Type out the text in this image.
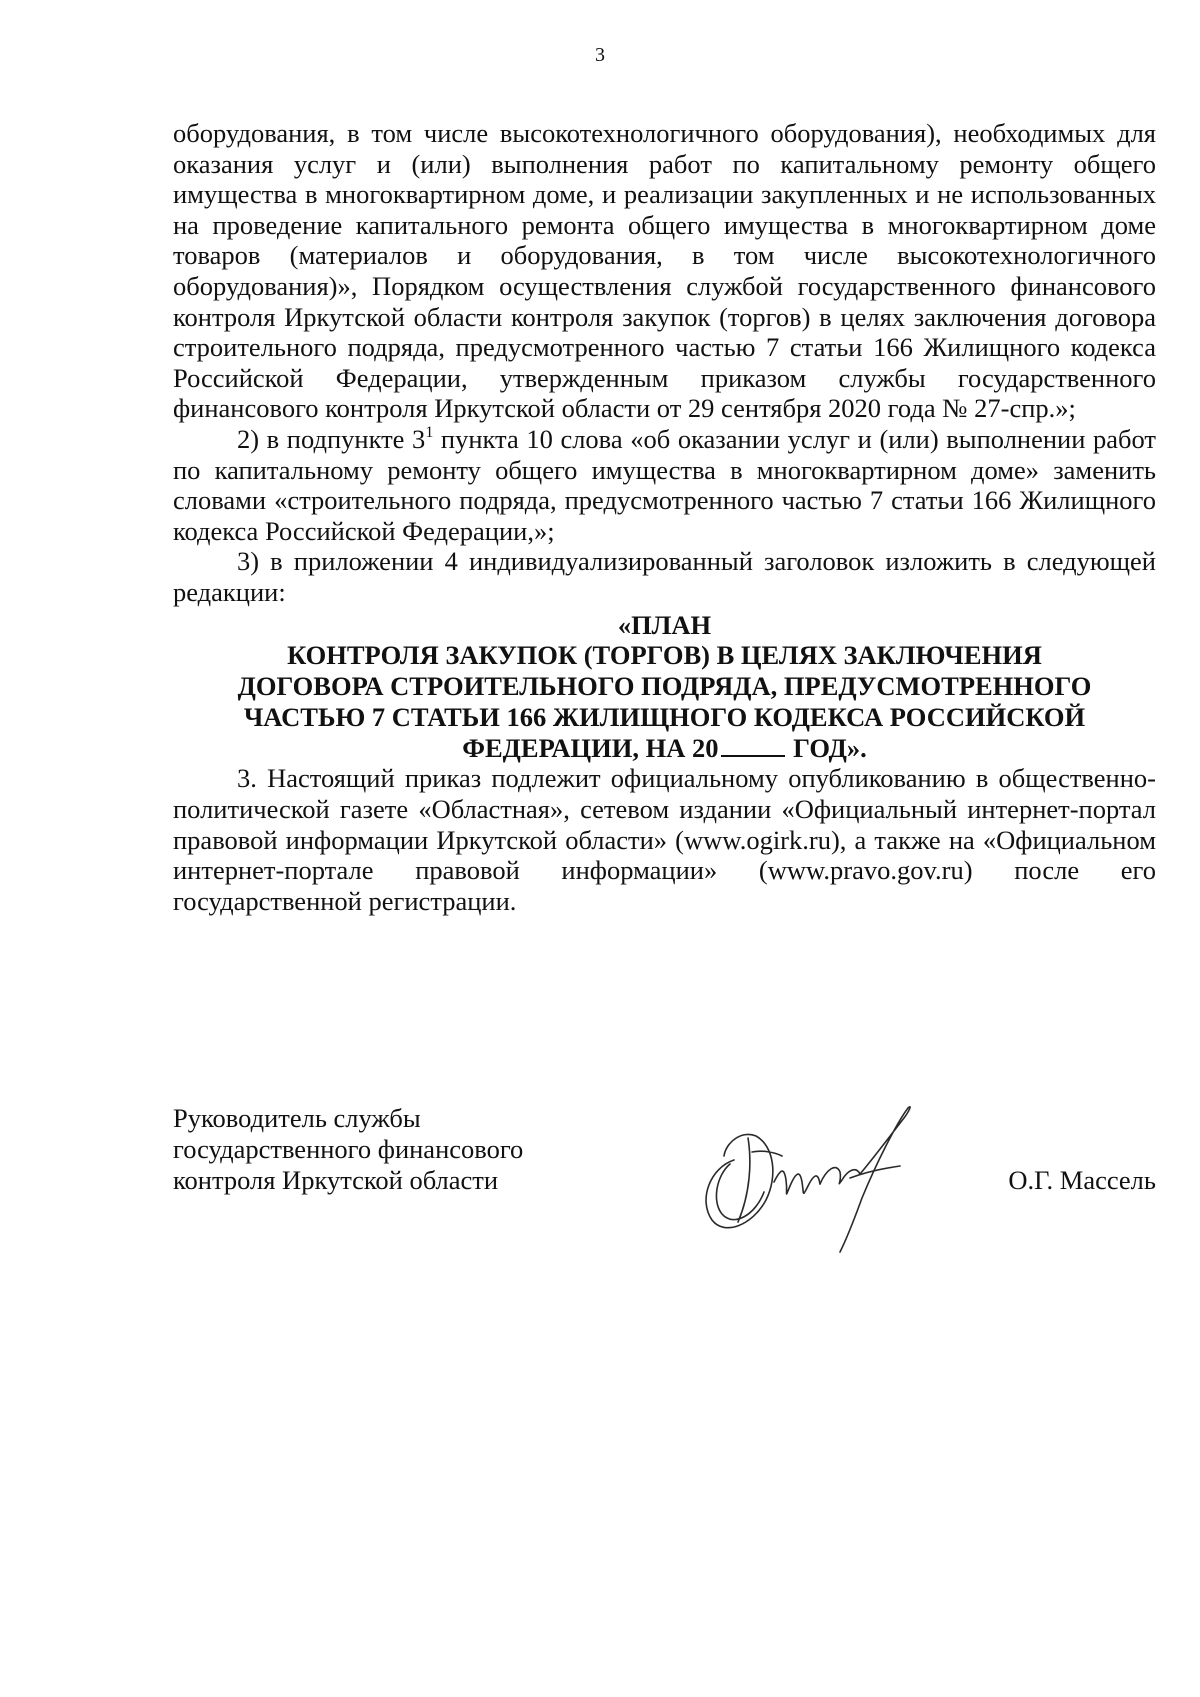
3

оборудования, в том числе высокотехнологичного оборудования), необходимых для оказания услуг и (или) выполнения работ по капитальному ремонту общего имущества в многоквартирном доме, и реализации закупленных и не использованных на проведение капитального ремонта общего имущества в многоквартирном доме товаров (материалов и оборудования, в том числе высокотехнологичного оборудования)», Порядком осуществления службой государственного финансового контроля Иркутской области контроля закупок (торгов) в целях заключения договора строительного подряда, предусмотренного частью 7 статьи 166 Жилищного кодекса Российской Федерации, утвержденным приказом службы государственного финансового контроля Иркутской области от 29 сентября 2020 года № 27-спр.»;

2) в подпункте $3^1$ пункта 10 слова «об оказании услуг и (или) выполнении работ по капитальному ремонту общего имущества в многоквартирном доме» заменить словами «строительного подряда, предусмотренного частью 7 статьи 166 Жилищного кодекса Российской Федерации,»;

3) в приложении 4 индивидуализированный заголовок изложить в следующей редакции:

«ПЛАН
КОНТРОЛЯ ЗАКУПОК (ТОРГОВ) В ЦЕЛЯХ ЗАКЛЮЧЕНИЯ
ДОГОВОРА СТРОИТЕЛЬНОГО ПОДРЯДА, ПРЕДУСМОТРЕННОГО
ЧАСТЬЮ 7 СТАТЬИ 166 ЖИЛИЩНОГО КОДЕКСА РОССИЙСКОЙ
ФЕДЕРАЦИИ, НА 20	ГОД».

3. Настоящий приказ подлежит официальному опубликованию в общественно-политической газете «Областная», сетевом издании «Официальный интернет-портал правовой информации Иркутской области» (www.ogirk.ru), а также на «Официальном интернет-портале правовой информации» (www.pravo.gov.ru) после его государственной регистрации.

Руководитель службы
государственного финансового
контроля Иркутской области	О.Г. Массель
